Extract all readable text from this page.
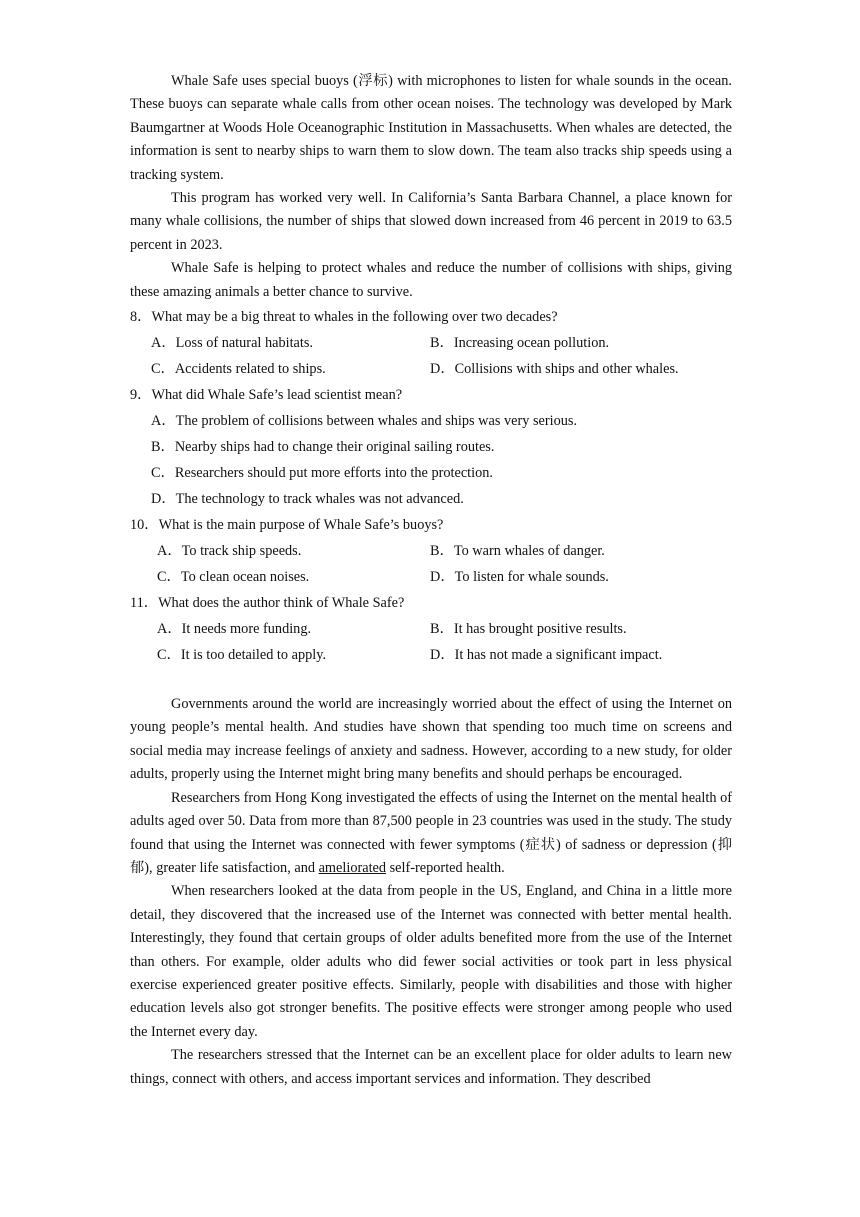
Whale Safe uses special buoys (浮标) with microphones to listen for whale sounds in the ocean. These buoys can separate whale calls from other ocean noises. The technology was developed by Mark Baumgartner at Woods Hole Oceanographic Institution in Massachusetts. When whales are detected, the information is sent to nearby ships to warn them to slow down. The team also tracks ship speeds using a tracking system.

This program has worked very well. In California’s Santa Barbara Channel, a place known for many whale collisions, the number of ships that slowed down increased from 46 percent in 2019 to 63.5 percent in 2023.

Whale Safe is helping to protect whales and reduce the number of collisions with ships, giving these amazing animals a better chance to survive.

8．What may be a big threat to whales in the following over two decades?

A．Loss of natural habitats.	B．Increasing ocean pollution.
C．Accidents related to ships.	D．Collisions with ships and other whales.

9．What did Whale Safe’s lead scientist mean?

A．The problem of collisions between whales and ships was very serious.

B．Nearby ships had to change their original sailing routes.

C．Researchers should put more efforts into the protection.

D．The technology to track whales was not advanced.

10．What is the main purpose of Whale Safe’s buoys?

A．To track ship speeds.	B．To warn whales of danger.
C．To clean ocean noises.	D．To listen for whale sounds.

11．What does the author think of Whale Safe?

A．It needs more funding.	B．It has brought positive results.
C．It is too detailed to apply.	D．It has not made a significant impact.

Governments around the world are increasingly worried about the effect of using the Internet on young people’s mental health. And studies have shown that spending too much time on screens and social media may increase feelings of anxiety and sadness. However, according to a new study, for older adults, properly using the Internet might bring many benefits and should perhaps be encouraged.

Researchers from Hong Kong investigated the effects of using the Internet on the mental health of adults aged over 50. Data from more than 87,500 people in 23 countries was used in the study. The study found that using the Internet was connected with fewer symptoms (症状) of sadness or depression (抑郁), greater life satisfaction, and ameliorated self-reported health.

When researchers looked at the data from people in the US, England, and China in a little more detail, they discovered that the increased use of the Internet was connected with better mental health. Interestingly, they found that certain groups of older adults benefited more from the use of the Internet than others. For example, older adults who did fewer social activities or took part in less physical exercise experienced greater positive effects. Similarly, people with disabilities and those with higher education levels also got stronger benefits. The positive effects were stronger among people who used the Internet every day.

The researchers stressed that the Internet can be an excellent place for older adults to learn new things, connect with others, and access important services and information. They described
